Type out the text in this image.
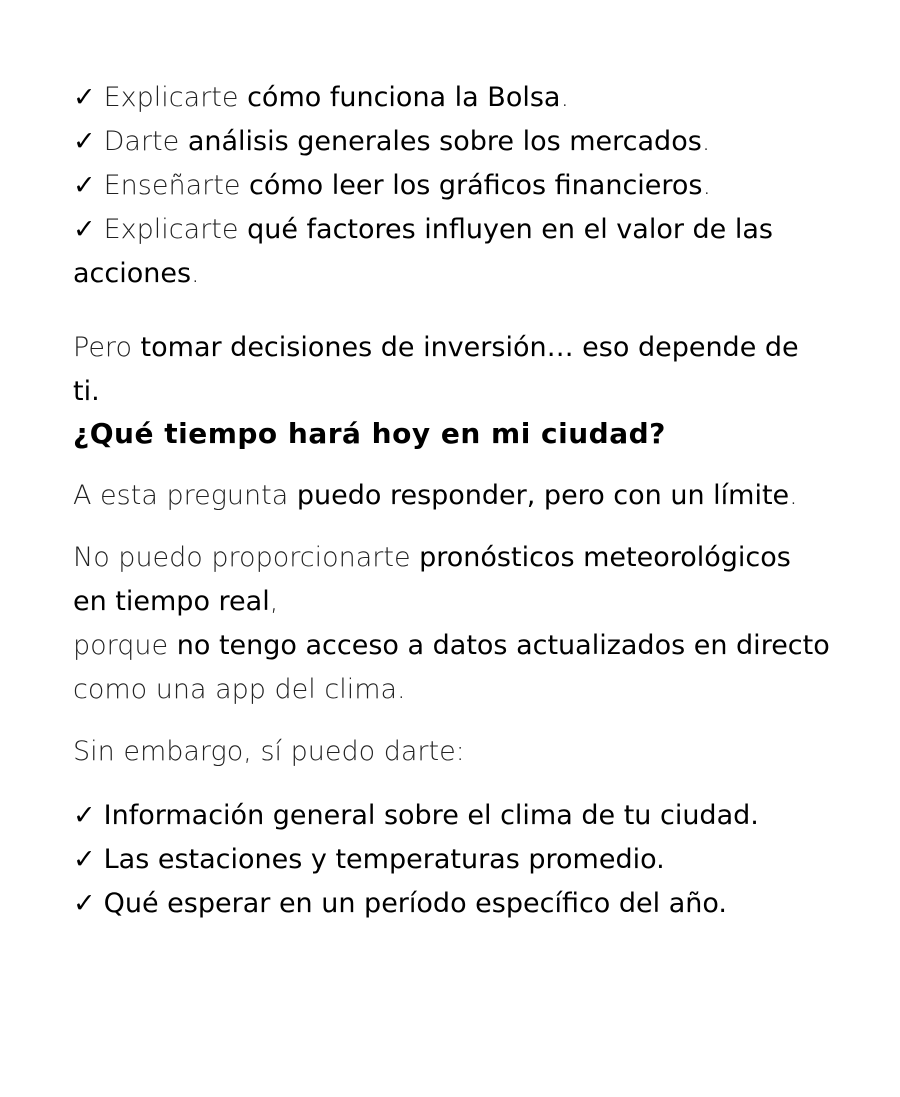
✓ Explicarte cómo funciona la Bolsa.
✓ Darte análisis generales sobre los mercados.
✓ Enseñarte cómo leer los gráficos financieros.
✓ Explicarte qué factores influyen en el valor de las acciones.

Pero tomar decisiones de inversión… eso depende de ti.

¿Qué tiempo hará hoy en mi ciudad?

A esta pregunta puedo responder, pero con un límite.

No puedo proporcionarte pronósticos meteorológicos en tiempo real,
porque no tengo acceso a datos actualizados en directo como una app del clima.

Sin embargo, sí puedo darte:

✓ Información general sobre el clima de tu ciudad.
✓ Las estaciones y temperaturas promedio.
✓ Qué esperar en un período específico del año.
